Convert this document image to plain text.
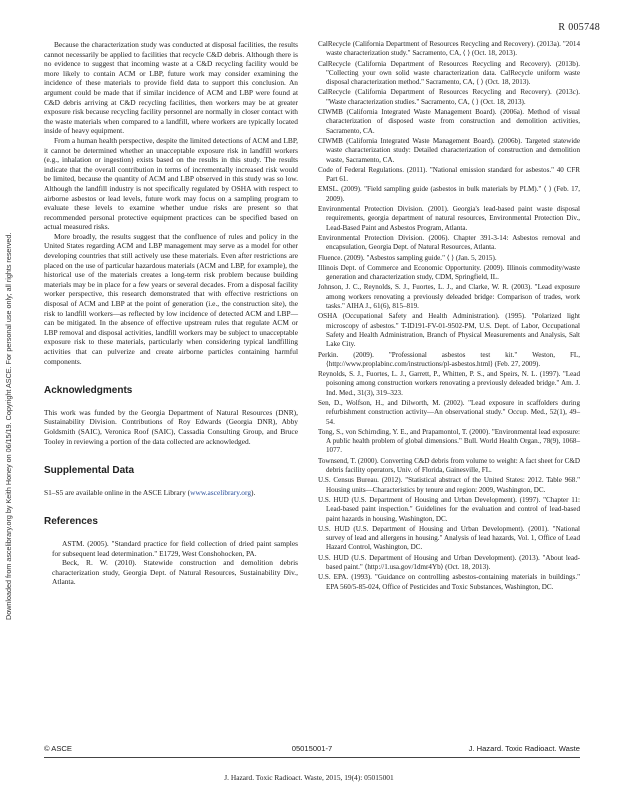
R 005748
Downloaded from ascelibrary.org by Keith Honey on 06/15/19. Copyright ASCE. For personal use only; all rights reserved.

Because the characterization study was conducted at disposal facilities, the results cannot necessarily be applied to facilities that recycle C&D debris. Although there is no evidence to suggest that incoming waste at a C&D recycling facility would be more likely to contain ACM or LBP, future work may consider examining the incidence of these materials to provide field data to support this conclusion. An argument could be made that if similar incidence of ACM and LBP were found at C&D debris arriving at C&D recycling facilities, then workers may be at greater exposure risk because recycling facility personnel are normally in closer contact with the waste materials when compared to a landfill, where workers are typically located inside of heavy equipment.

From a human health perspective, despite the limited detections of ACM and LBP, it cannot be determined whether an unacceptable exposure risk in landfill workers (e.g., inhalation or ingestion) exists based on the results in this study. The results indicate that the overall contribution in terms of incrementally increased risk would be limited, because the quantity of ACM and LBP observed in this study was so low. Although the landfill industry is not specifically regulated by OSHA with respect to airborne asbestos or lead levels, future work may focus on a sampling program to evaluate these levels to examine whether undue risks are present so that recommended personal protective equipment practices can be specified based on actual measured risks.

More broadly, the results suggest that the confluence of rules and policy in the United States regarding ACM and LBP management may serve as a model for other developing countries that still actively use these materials. Even after restrictions are placed on the use of particular hazardous materials (ACM and LBP, for example), the historical use of the materials creates a long-term risk problem because building materials may be in place for a few years or several decades. From a disposal facility worker perspective, this research demonstrated that with effective restrictions on disposal of ACM and LBP at the point of generation (i.e., the construction site), the risk to landfill workers—as reflected by low incidence of detected ACM and LBP—can be mitigated. In the absence of effective upstream rules that regulate ACM or LBP removal and disposal activities, landfill workers may be subject to unacceptable exposure risk to these materials, particularly when considering typical landfilling activities that can pulverize and create airborne particles containing harmful components.

Acknowledgments

This work was funded by the Georgia Department of Natural Resources (DNR), Sustainability Division. Contributions of Roy Edwards (Georgia DNR), Abby Goldsmith (SAIC), Veronica Roof (SAIC), Cassadia Consulting Group, and Bruce Tooley in reviewing a portion of the data collected are acknowledged.

Supplemental Data

S1–S5 are available online in the ASCE Library (www.ascelibrary.org).

References

ASTM. (2005). "Standard practice for field collection of dried paint samples for subsequent lead determination." E1729, West Conshohocken, PA.

Beck, R. W. (2010). Statewide construction and demolition debris characterization study, Georgia Dept. of Natural Resources, Sustainability Div., Atlanta.

CalRecycle (California Department of Resources Recycling and Recovery). (2013a). "2014 waste characterization study." Sacramento, CA, ⟨ ⟩ (Oct. 18, 2013).

CalRecycle (California Department of Resources Recycling and Recovery). (2013b). "Collecting your own solid waste characterization data. CalRecycle uniform waste disposal characterization method." Sacramento, CA, ⟨ ⟩ (Oct. 18, 2013).

CalRecycle (California Department of Resources Recycling and Recovery). (2013c). "Waste characterization studies." Sacramento, CA, ⟨ ⟩ (Oct. 18, 2013).

CIWMB (California Integrated Waste Management Board). (2006a). Method of visual characterization of disposed waste from construction and demolition activities, Sacramento, CA.

CIWMB (California Integrated Waste Management Board). (2006b). Targeted statewide waste characterization study: Detailed characterization of construction and demolition waste, Sacramento, CA.

Code of Federal Regulations. (2011). "National emission standard for asbestos." 40 CFR Part 61.

EMSL. (2009). "Field sampling guide (asbestos in bulk materials by PLM)." ⟨ ⟩ (Feb. 17, 2009).

Environmental Protection Division. (2001). Georgia's lead-based paint waste disposal requirements, georgia department of natural resources, Environmental Protection Div., Lead-Based Paint and Asbestos Program, Atlanta.

Environmental Protection Division. (2006). Chapter 391-3-14: Asbestos removal and encapsulation, Georgia Dept. of Natural Resources, Atlanta.

Fluence. (2009). "Asbestos sampling guide." ⟨ ⟩ (Jan. 5, 2015).

Illinois Dept. of Commerce and Economic Opportunity. (2009). Illinois commodity/waste generation and characterization study, CDM, Springfield, IL.

Johnson, J. C., Reynolds, S. J., Fuortes, L. J., and Clarke, W. R. (2003). "Lead exposure among workers renovating a previously deleaded bridge: Comparison of trades, work tasks." AIHA J., 61(6), 815–819.

OSHA (Occupational Safety and Health Administration). (1995). "Polarized light microscopy of asbestos." T-ID191-FV-01-9502-PM, U.S. Dept. of Labor, Occupational Safety and Health Administration, Branch of Physical Measurements and Analysis, Salt Lake City.

Perkin. (2009). "Professional asbestos test kit." Weston, FL, ⟨http://www.proplabinc.com/instructions/pl-asbestos.html⟩ (Feb. 27, 2009).

Reynolds, S. J., Fuortes, L. J., Garrett, P., Whitten, P. S., and Speirs, N. L. (1997). "Lead poisoning among construction workers renovating a previously deleaded bridge." Am. J. Ind. Med., 31(3), 319–323.

Sen, D., Wolfson, H., and Dilworth, M. (2002). "Lead exposure in scaffolders during refurbishment construction activity—An observational study." Occup. Med., 52(1), 49–54.

Tong, S., von Schirnding, Y. E., and Prapamontol, T. (2000). "Environmental lead exposure: A public health problem of global dimensions." Bull. World Health Organ., 78(9), 1068–1077.

Townsend, T. (2000). Converting C&D debris from volume to weight: A fact sheet for C&D debris facility operators, Univ. of Florida, Gainesville, FL.

U.S. Census Bureau. (2012). "Statistical abstract of the United States: 2012. Table 968." Housing units—Characteristics by tenure and region: 2009, Washington, DC.

U.S. HUD (U.S. Department of Housing and Urban Development). (1997). "Chapter 11: Lead-based paint inspection." Guidelines for the evaluation and control of lead-based paint hazards in housing, Washington, DC.

U.S. HUD (U.S. Department of Housing and Urban Development). (2001). "National survey of lead and allergens in housing." Analysis of lead hazards, Vol. 1, Office of Lead Hazard Control, Washington, DC.

U.S. HUD (U.S. Department of Housing and Urban Development). (2013). "About lead-based paint." ⟨http://1.usa.gov/1dmr4Yb⟩ (Oct. 18, 2013).

U.S. EPA. (1993). "Guidance on controlling asbestos-containing materials in buildings." EPA 560/5-85-024, Office of Pesticides and Toxic Substances, Washington, DC.

© ASCE	05015001-7	J. Hazard. Toxic Radioact. Waste
J. Hazard. Toxic Radioact. Waste, 2015, 19(4): 05015001
